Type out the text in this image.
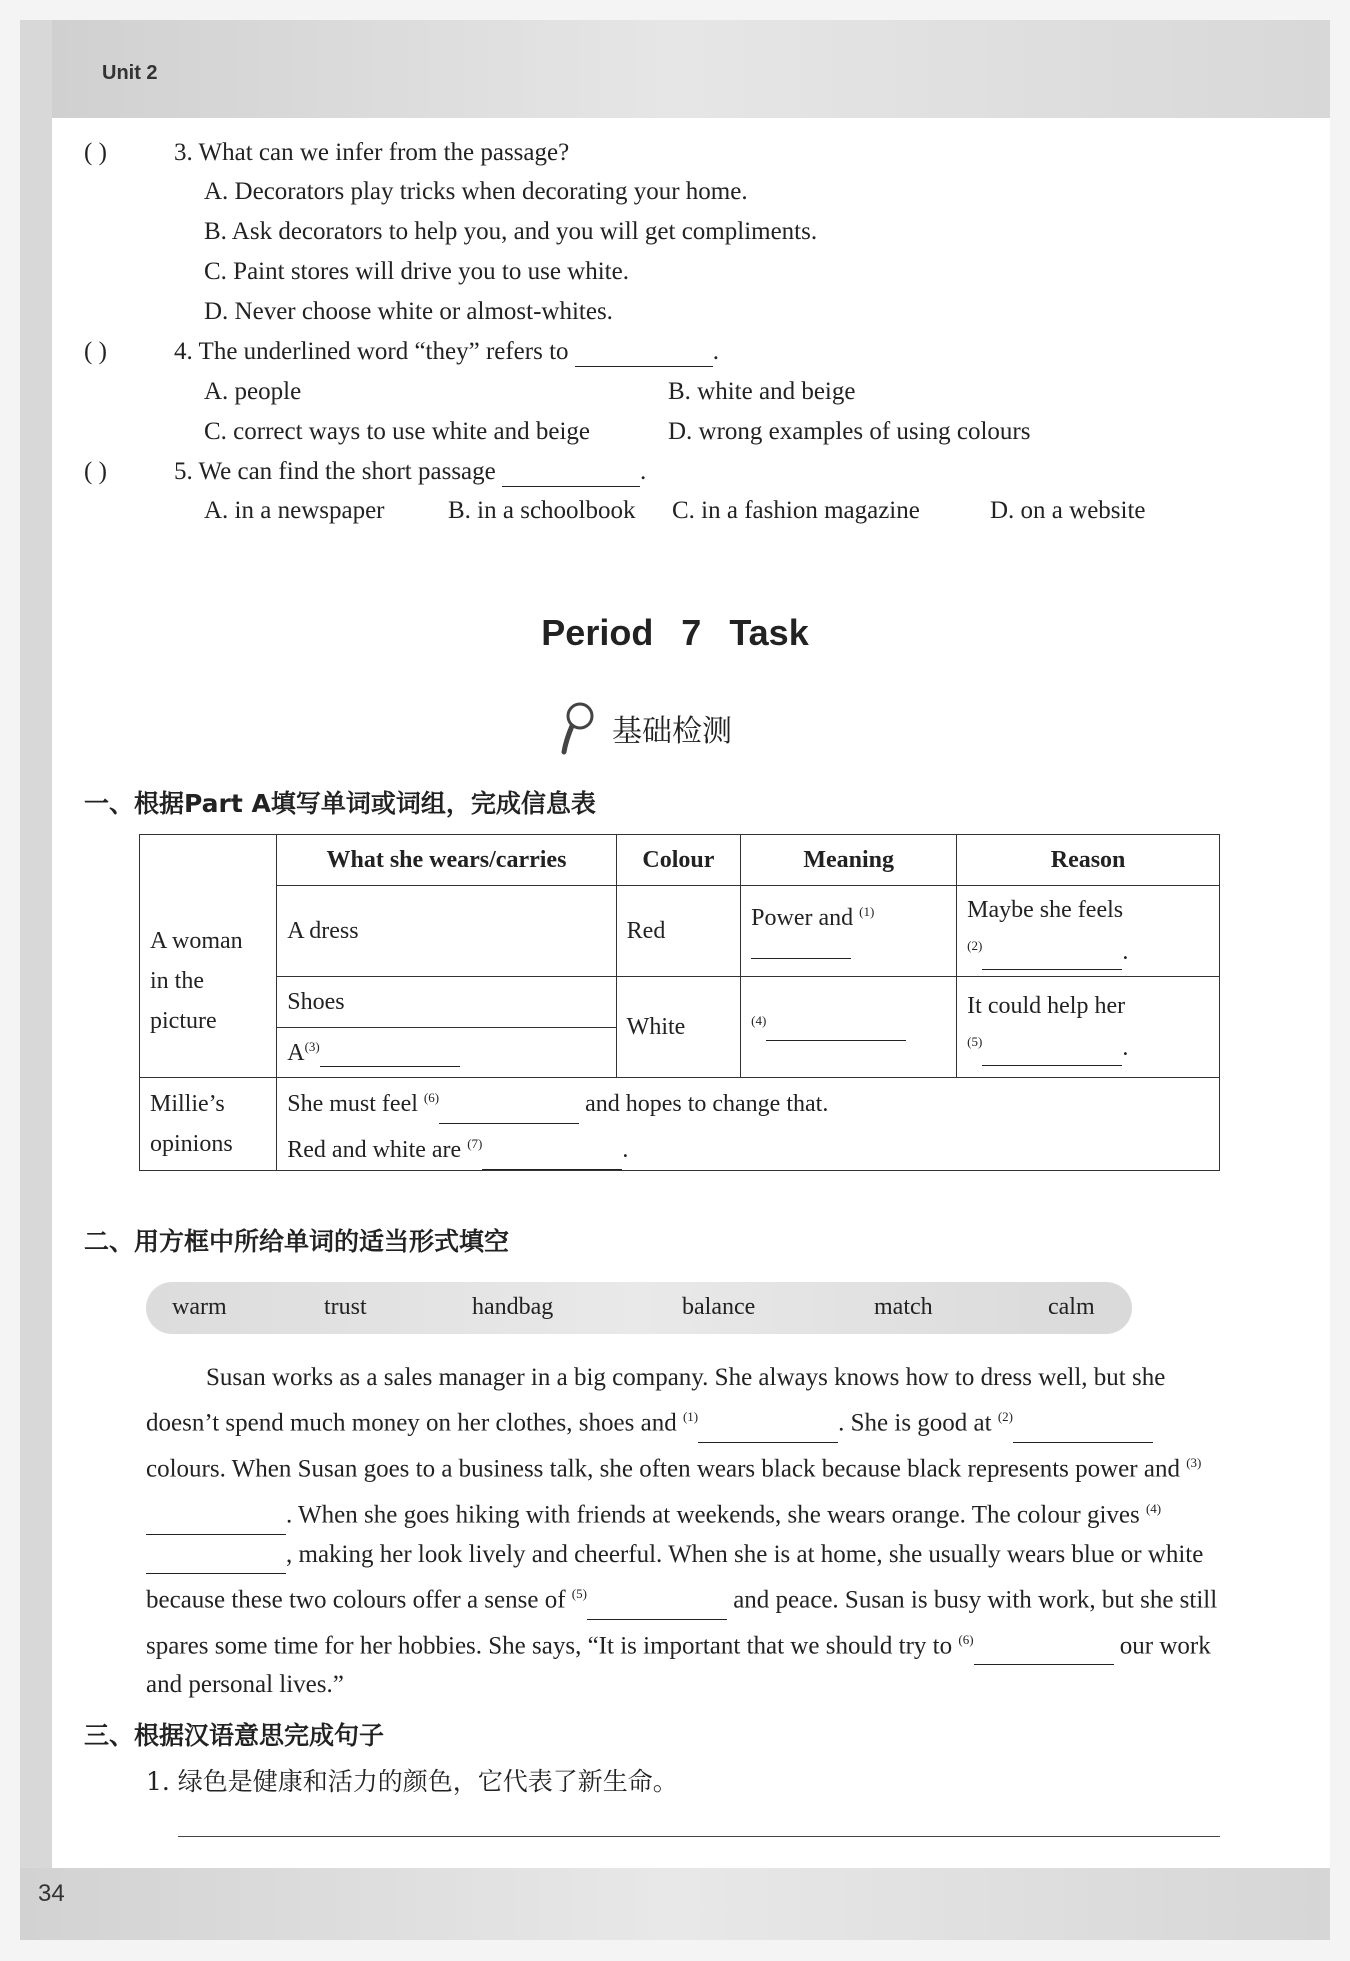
Unit 2
34
( )	3. What can we infer from the passage?
A. Decorators play tricks when decorating your home.
B. Ask decorators to help you, and you will get compliments.
C. Paint stores will drive you to use white.
D. Never choose white or almost-whites.
( )	4. The underlined word “they” refers to	.
A. people	B. white and beige
C. correct ways to use white and beige	D. wrong examples of using colours
( )	5. We can find the short passage	.
A. in a newspaper	B. in a schoolbook C. in a fashion magazine	D. on a website
Period 7 Task
基础检测
一、根据Part A填写单词或词组，完成信息表
	What she wears/carries	Colour	Meaning	Reason
A woman in the picture	A dress	Red	Power and $^{(1)}$	Maybe she feels
$^{(2)}$ .
	Shoes	White	$^{(4)}$	It could help her
$^{(5)}$ .
	$A^{(3)}$
Millie’s opinions	She must feel $^{(6)}$ and hopes to change that.
Red and white are $^{(7)}$ .			
二、用方框中所给单词的适当形式填空
warm	trust	handbag	balance	match	calm
Susan works as a sales manager in a big company. She always knows how to dress well, but she doesn’t spend much money on her clothes, shoes and $^{(1)}$	. She is good at $^{(2)}$ colours. When Susan goes to a business talk, she often wears black because black represents power and $^{(3)}$. When she goes hiking with friends at weekends, she wears orange. The colour gives $^{(4)}$, making her look lively and cheerful. When she is at home, she usually wears blue or white because these two colours offer a sense of $^{(5)}$	and peace. Susan is busy with work, but she still spares some time for her hobbies. She says, “It is important that we should try to $^{(6)}$	our work and personal lives.”
三、根据汉语意思完成句子
1. 绿色是健康和活力的颜色，它代表了新生命。
